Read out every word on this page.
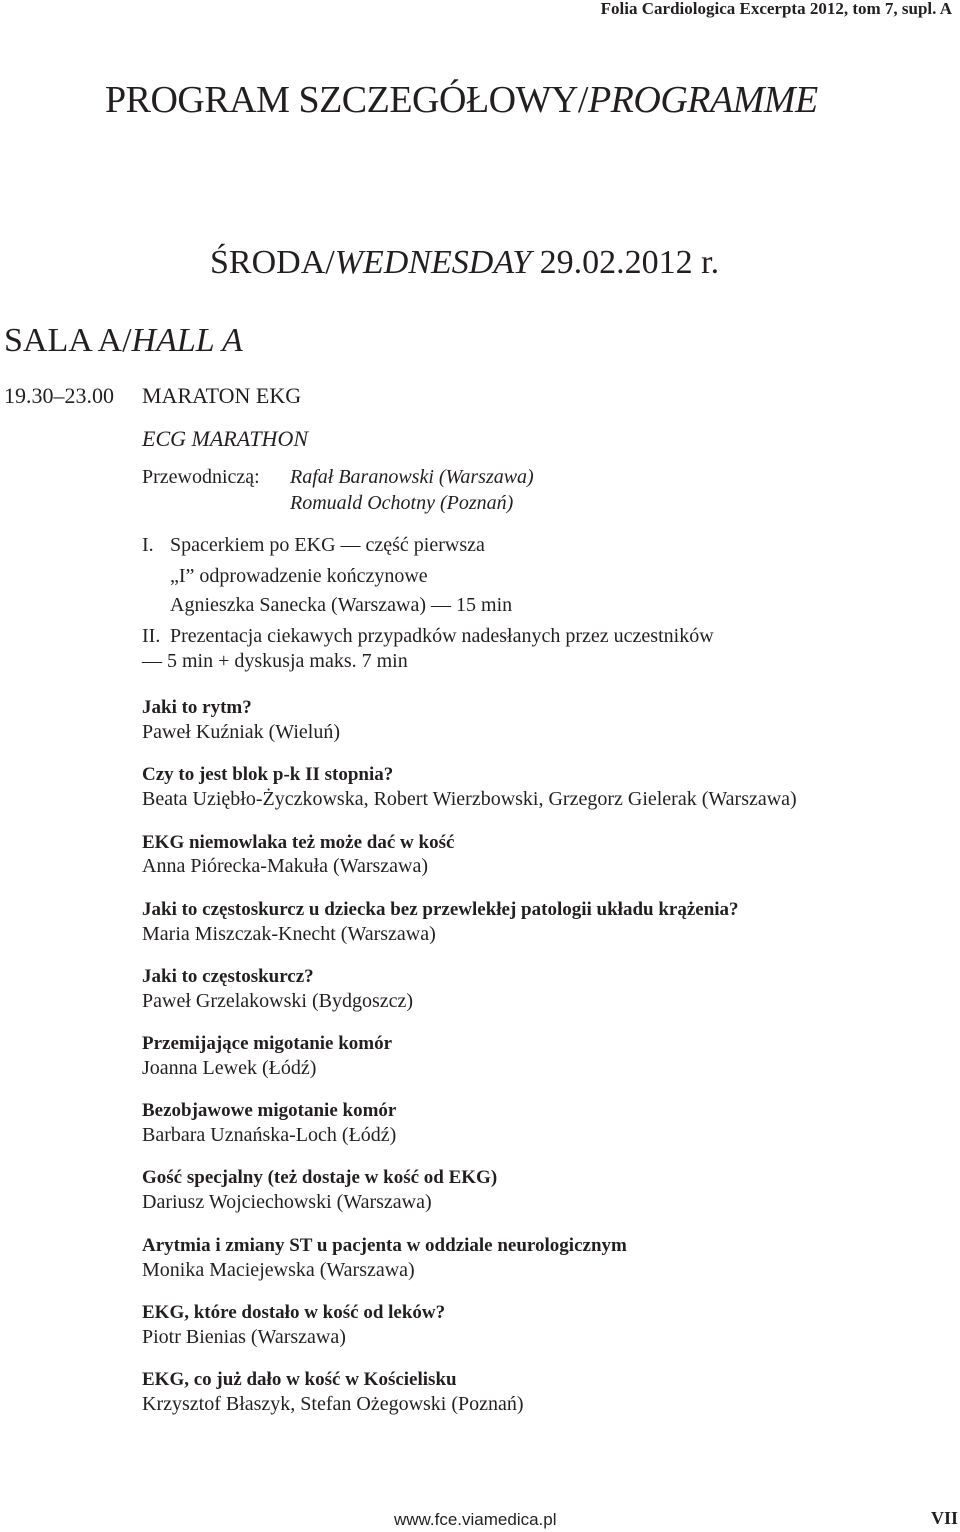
Folia Cardiologica Excerpta 2012, tom 7, supl. A
PROGRAM SZCZEGÓŁOWY/PROGRAMME
ŚRODA/WEDNESDAY 29.02.2012 r.
SALA A/HALL A
19.30–23.00 MARATON EKG
ECG MARATHON
Przewodniczą: Rafał Baranowski (Warszawa)
Romuald Ochotny (Poznań)
I. Spacerkiem po EKG — część pierwsza
„I” odprowadzenie kończynowe
Agnieszka Sanecka (Warszawa) — 15 min
II. Prezentacja ciekawych przypadków nadesłanych przez uczestników
— 5 min + dyskusja maks. 7 min
Jaki to rytm?
Paweł Kuźniak (Wieluń)
Czy to jest blok p-k II stopnia?
Beata Uziębło-Życzkowska, Robert Wierzbowski, Grzegorz Gielerak (Warszawa)
EKG niemowlaka też może dać w kość
Anna Piórecka-Makuła (Warszawa)
Jaki to częstoskurcz u dziecka bez przewlekłej patologii układu krążenia?
Maria Miszczak-Knecht (Warszawa)
Jaki to częstoskurcz?
Paweł Grzelakowski (Bydgoszcz)
Przemijające migotanie komór
Joanna Lewek (Łódź)
Bezobjawowe migotanie komór
Barbara Uznańska-Loch (Łódź)
Gość specjalny (też dostaje w kość od EKG)
Dariusz Wojciechowski (Warszawa)
Arytmia i zmiany ST u pacjenta w oddziale neurologicznym
Monika Maciejewska (Warszawa)
EKG, które dostało w kość od leków?
Piotr Bienias (Warszawa)
EKG, co już dało w kość w Kościelisku
Krzysztof Błaszyk, Stefan Ożegowski (Poznań)
www.fce.viamedica.pl	VII
